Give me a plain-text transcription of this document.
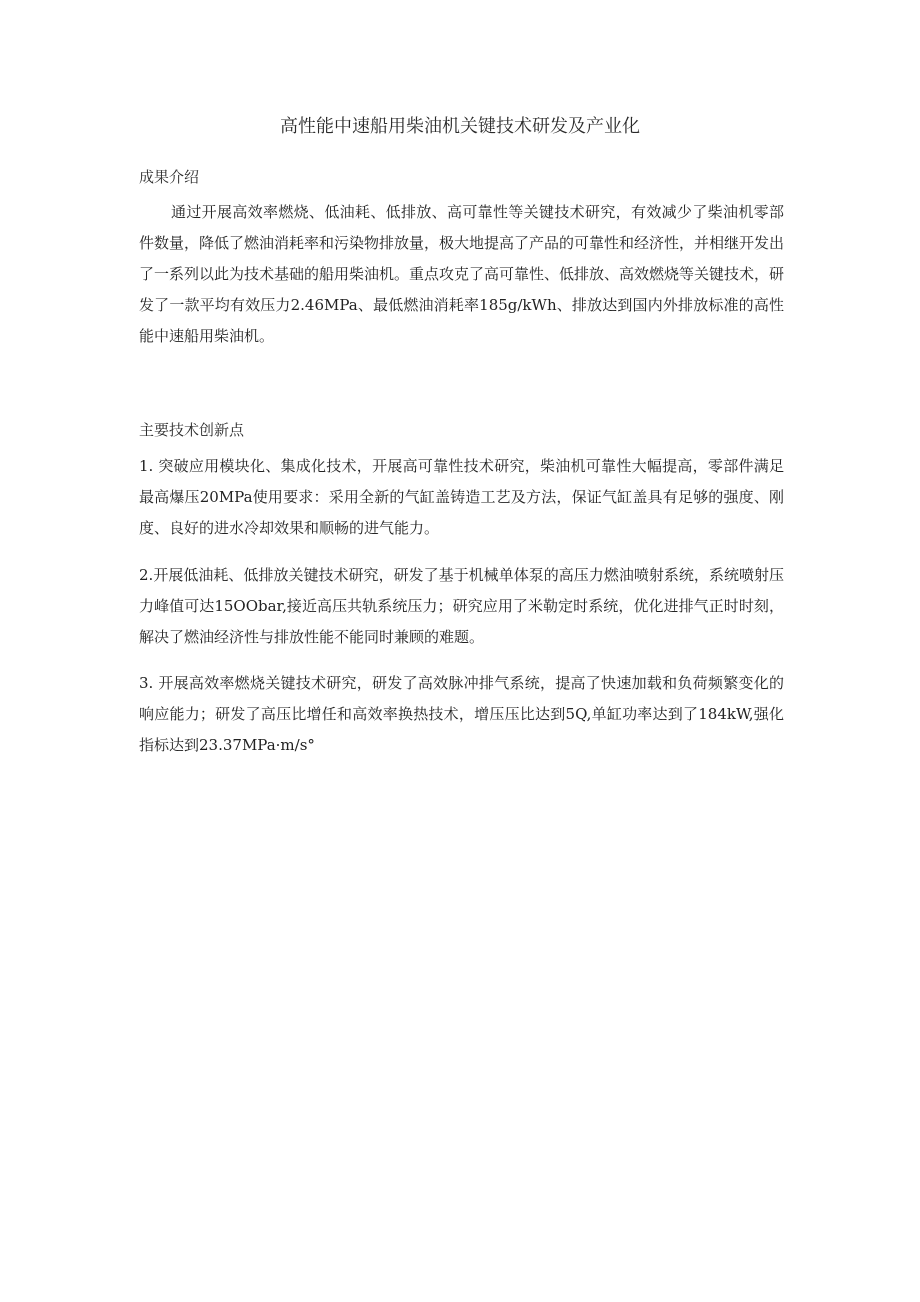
高性能中速船用柴油机关键技术研发及产业化
成果介绍

通过开展高效率燃烧、低油耗、低排放、高可靠性等关键技术研究，有效减少了柴油机零部件数量，降低了燃油消耗率和污染物排放量，极大地提高了产品的可靠性和经济性，并相继开发出了一系列以此为技术基础的船用柴油机。重点攻克了高可靠性、低排放、高效燃烧等关键技术，研发了一款平均有效压力2.46MPa、最低燃油消耗率185g/kWh、排放达到国内外排放标准的高性能中速船用柴油机。

主要技术创新点

1. 突破应用模块化、集成化技术，开展高可靠性技术研究，柴油机可靠性大幅提高，零部件满足最高爆压20MPa使用要求：采用全新的气缸盖铸造工艺及方法，保证气缸盖具有足够的强度、刚度、良好的进水冷却效果和顺畅的进气能力。

2.开展低油耗、低排放关键技术研究，研发了基于机械单体泵的高压力燃油喷射系统，系统喷射压力峰值可达15OObar,接近高压共轨系统压力；研究应用了米勒定时系统，优化进排气正时时刻，解决了燃油经济性与排放性能不能同时兼顾的难题。

3. 开展高效率燃烧关键技术研究，研发了高效脉冲排气系统，提高了快速加载和负荷频繁变化的响应能力；研发了高压比增任和高效率换热技术，增压压比达到5Q,单缸功率达到了184kW,强化指标达到23.37MPa·m/s°
